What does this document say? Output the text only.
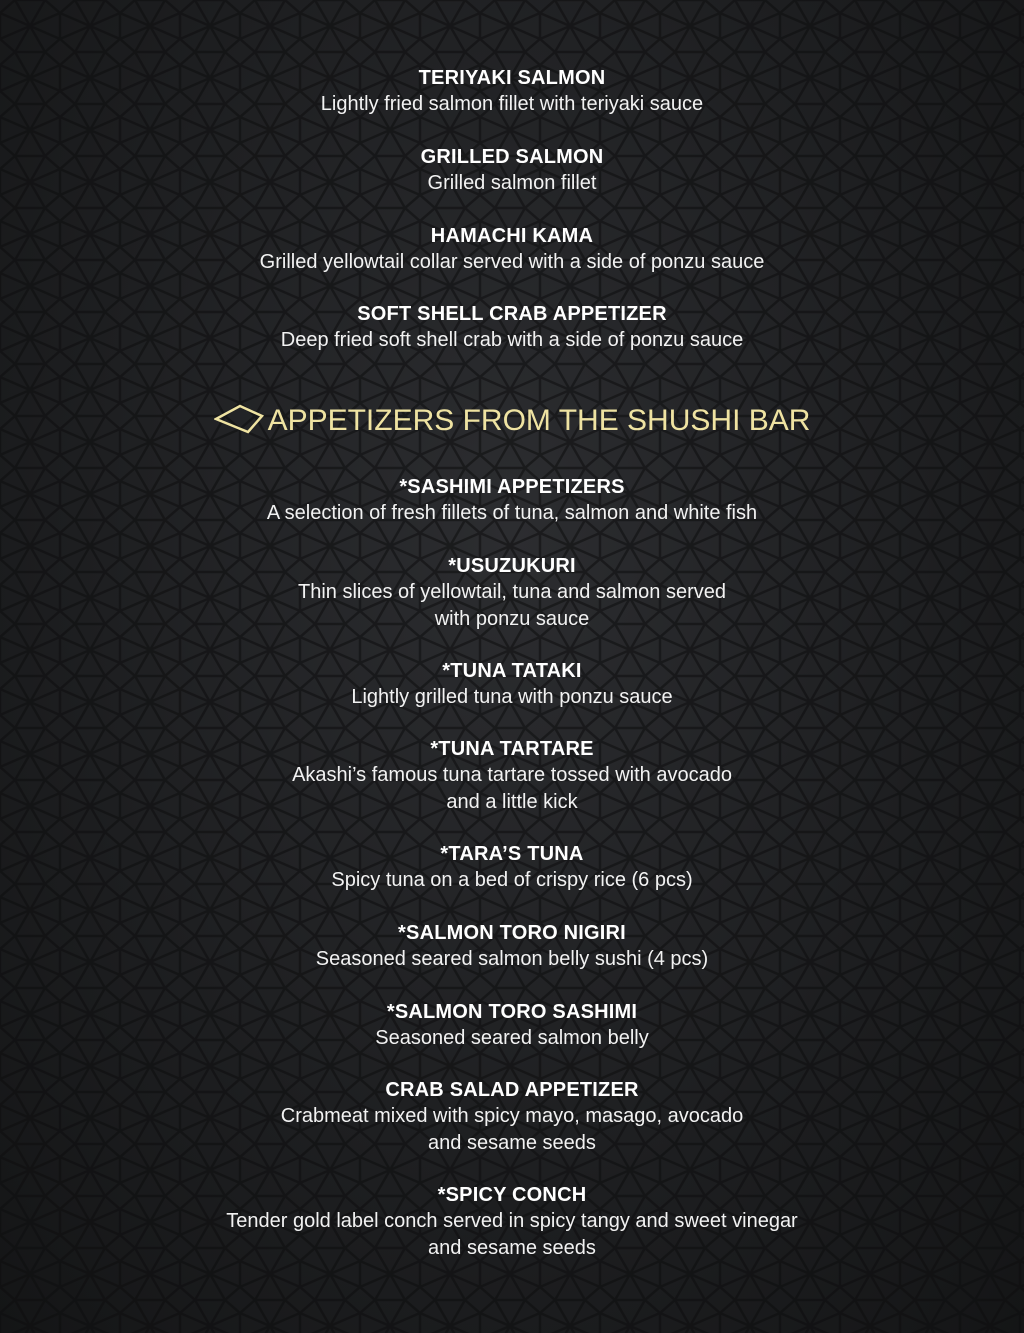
TERIYAKI SALMON
Lightly fried salmon fillet with teriyaki sauce
GRILLED SALMON
Grilled salmon fillet
HAMACHI KAMA
Grilled yellowtail collar served with a side of ponzu sauce
SOFT SHELL CRAB APPETIZER
Deep fried soft shell crab with a side of ponzu sauce
APPETIZERS FROM THE SHUSHI BAR
*SASHIMI APPETIZERS
A selection of fresh fillets of tuna, salmon and white fish
*USUZUKURI
Thin slices of yellowtail, tuna and salmon served
with ponzu sauce
*TUNA TATAKI
Lightly grilled tuna with ponzu sauce
*TUNA TARTARE
Akashi’s famous tuna tartare tossed with avocado
and a little kick
*TARA’S TUNA
Spicy tuna on a bed of crispy rice (6 pcs)
*SALMON TORO NIGIRI
Seasoned seared salmon belly sushi (4 pcs)
*SALMON TORO SASHIMI
Seasoned seared salmon belly
CRAB SALAD APPETIZER
Crabmeat mixed with spicy mayo, masago, avocado
and sesame seeds
*SPICY CONCH
Tender gold label conch served in spicy tangy and sweet vinegar
and sesame seeds
